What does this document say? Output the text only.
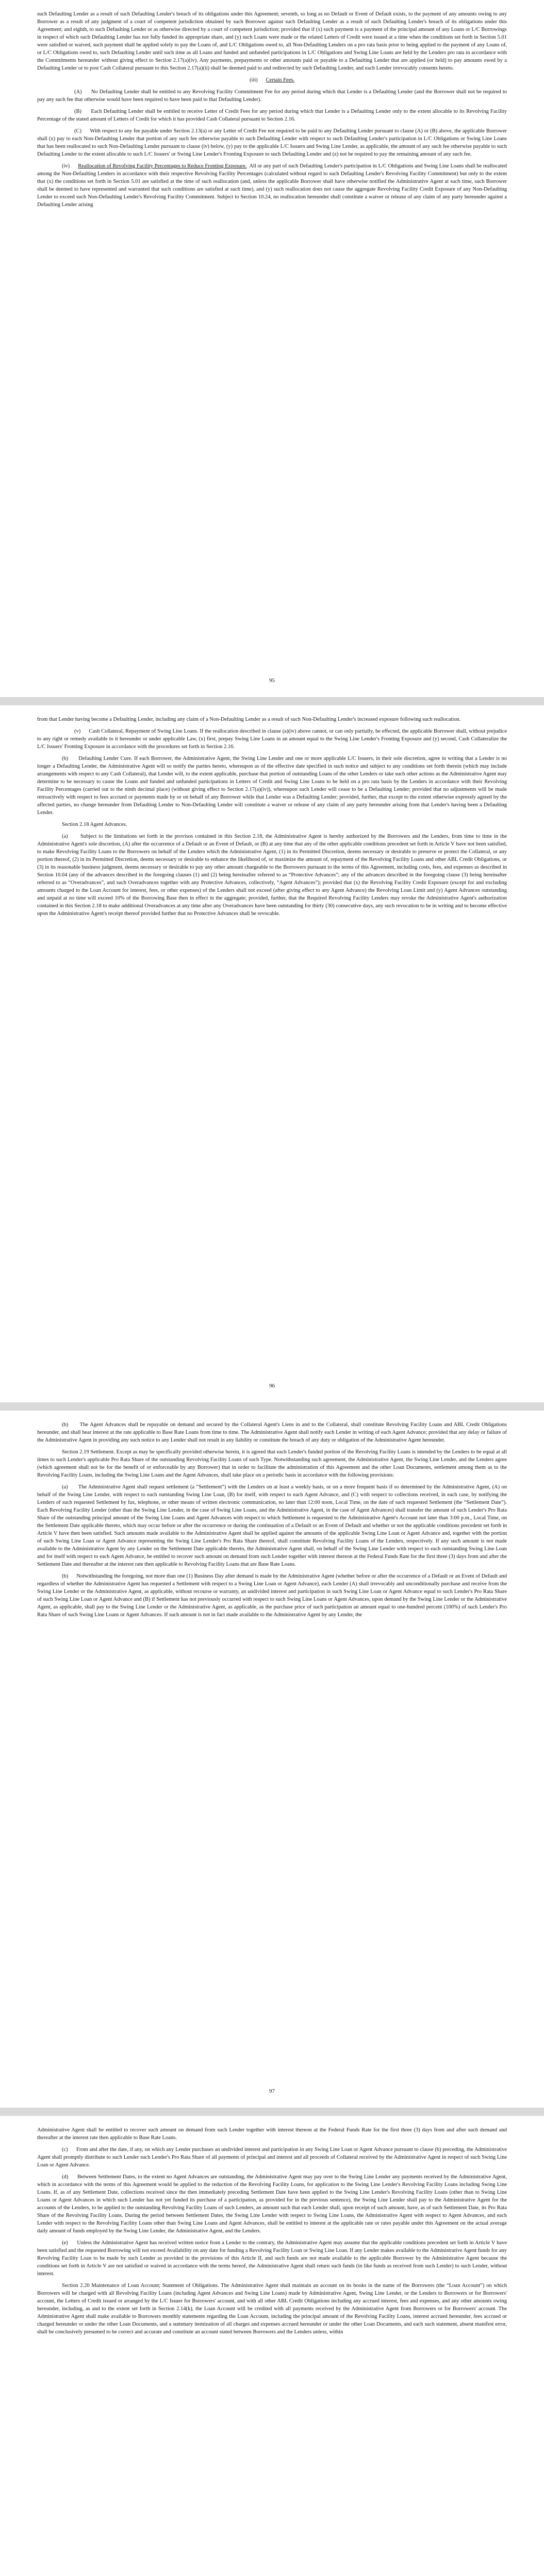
such Defaulting Lender as a result of such Defaulting Lender's breach of its obligations under this Agreement; seventh, so long as no Default or Event of Default exists, to the payment of any amounts owing to any Borrower as a result of any judgment of a court of competent jurisdiction obtained by such Borrower against such Defaulting Lender as a result of such Defaulting Lender's breach of its obligations under this Agreement; and eighth, to such Defaulting Lender or as otherwise directed by a court of competent jurisdiction; provided that if (x) such payment is a payment of the principal amount of any Loans or L/C Borrowings in respect of which such Defaulting Lender has not fully funded its appropriate share, and (y) such Loans were made or the related Letters of Credit were issued at a time when the conditions set forth in Section 5.01 were satisfied or waived, such payment shall be applied solely to pay the Loans of, and L/C Obligations owed to, all Non-Defaulting Lenders on a pro rata basis prior to being applied to the payment of any Loans of, or L/C Obligations owed to, such Defaulting Lender until such time as all Loans and funded and unfunded participations in L/C Obligations and Swing Line Loans are held by the Lenders pro rata in accordance with the Commitments hereunder without giving effect to Section 2.17(a)(iv). Any payments, prepayments or other amounts paid or payable to a Defaulting Lender that are applied (or held) to pay amounts owed by a Defaulting Lender or to post Cash Collateral pursuant to this Section 2.17(a)(ii) shall be deemed paid to and redirected by such Defaulting Lender, and each Lender irrevocably consents hereto.

(iii) Certain Fees.

(A)      No Defaulting Lender shall be entitled to any Revolving Facility Commitment Fee for any period during which that Lender is a Defaulting Lender (and the Borrower shall not be required to pay any such fee that otherwise would have been required to have been paid to that Defaulting Lender).

(B)      Each Defaulting Lender shall be entitled to receive Letter of Credit Fees for any period during which that Lender is a Defaulting Lender only to the extent allocable to its Revolving Facility Percentage of the stated amount of Letters of Credit for which it has provided Cash Collateral pursuant to Section 2.16.

(C)      With respect to any fee payable under Section 2.13(a) or any Letter of Credit Fee not required to be paid to any Defaulting Lender pursuant to clause (A) or (B) above, the applicable Borrower shall (x) pay to each Non-Defaulting Lender that portion of any such fee otherwise payable to such Defaulting Lender with respect to such Defaulting Lender's participation in L/C Obligations or Swing Line Loans that has been reallocated to such Non-Defaulting Lender pursuant to clause (iv) below, (y) pay to the applicable L/C Issuers and Swing Line Lender, as applicable, the amount of any such fee otherwise payable to such Defaulting Lender to the extent allocable to such L/C Issuers' or Swing Line Lender's Fronting Exposure to such Defaulting Lender and (z) not be required to pay the remaining amount of any such fee.

(iv) Reallocation of Revolving Facility Percentages to Reduce Fronting Exposure. All or any part of such Defaulting Lender's participation in L/C Obligations and Swing Line Loans shall be reallocated among the Non-Defaulting Lenders in accordance with their respective Revolving Facility Percentages (calculated without regard to such Defaulting Lender's Revolving Facility Commitment) but only to the extent that (x) the conditions set forth in Section 5.01 are satisfied at the time of such reallocation (and, unless the applicable Borrower shall have otherwise notified the Administrative Agent at such time, such Borrower shall be deemed to have represented and warranted that such conditions are satisfied at such time), and (y) such reallocation does not cause the aggregate Revolving Facility Credit Exposure of any Non-Defaulting Lender to exceed such Non-Defaulting Lender's Revolving Facility Commitment. Subject to Section 10.24, no reallocation hereunder shall constitute a waiver or release of any claim of any party hereunder against a Defaulting Lender arising

95

from that Lender having become a Defaulting Lender, including any claim of a Non-Defaulting Lender as a result of such Non-Defaulting Lender's increased exposure following such reallocation.

(v)      Cash Collateral, Repayment of Swing Line Loans. If the reallocation described in clause (a)(iv) above cannot, or can only partially, be effected, the applicable Borrower shall, without prejudice to any right or remedy available to it hereunder or under applicable Law, (x) first, prepay Swing Line Loans in an amount equal to the Swing Line Lender's Fronting Exposure and (y) second, Cash Collateralize the L/C Issuers' Fronting Exposure in accordance with the procedures set forth in Section 2.16.

(b)      Defaulting Lender Cure. If each Borrower, the Administrative Agent, the Swing Line Lender and one or more applicable L/C Issuers, in their sole discretion, agree in writing that a Lender is no longer a Defaulting Lender, the Administrative Agent will so notify the parties hereto, whereupon as of the effective date specified in such notice and subject to any conditions set forth therein (which may include arrangements with respect to any Cash Collateral), that Lender will, to the extent applicable, purchase that portion of outstanding Loans of the other Lenders or take such other actions as the Administrative Agent may determine to be necessary to cause the Loans and funded and unfunded participations in Letters of Credit and Swing Line Loans to be held on a pro rata basis by the Lenders in accordance with their Revolving Facility Percentages (carried out to the ninth decimal place) (without giving effect to Section 2.17(a)(iv)), whereupon such Lender will cease to be a Defaulting Lender; provided that no adjustments will be made retroactively with respect to fees accrued or payments made by or on behalf of any Borrower while that Lender was a Defaulting Lender; provided, further, that except to the extent otherwise expressly agreed by the affected parties, no change hereunder from Defaulting Lender to Non-Defaulting Lender will constitute a waiver or release of any claim of any party hereunder arising from that Lender's having been a Defaulting Lender.

Section 2.18 Agent Advances.

(a)      Subject to the limitations set forth in the provisos contained in this Section 2.18, the Administrative Agent is hereby authorized by the Borrowers and the Lenders, from time to time in the Administrative Agent's sole discretion, (A) after the occurrence of a Default or an Event of Default, or (B) at any time that any of the other applicable conditions precedent set forth in Article V have not been satisfied, to make Revolving Facility Loans to the Borrowers on behalf of the Lenders which the Administrative Agent, (1) in its Permitted Discretion, deems necessary or desirable to preserve or protect the Collateral, or any portion thereof, (2) in its Permitted Discretion, deems necessary or desirable to enhance the likelihood of, or maximize the amount of, repayment of the Revolving Facility Loans and other ABL Credit Obligations, or (3) in its reasonable business judgment, deems necessary or desirable to pay any other amount chargeable to the Borrowers pursuant to the terms of this Agreement, including costs, fees, and expenses as described in Section 10.04 (any of the advances described in the foregoing clauses (1) and (2) being hereinafter referred to as “Protective Advances”; any of the advances described in the foregoing clause (3) being hereinafter referred to as “Overadvances”, and such Overadvances together with any Protective Advances, collectively, “Agent Advances”); provided that (x) the Revolving Facility Credit Exposure (except for and excluding amounts charged to the Loan Account for interest, fees, or other expenses) of the Lenders shall not exceed (after giving effect to any Agent Advance) the Revolving Loan Limit and (y) Agent Advances outstanding and unpaid at no time will exceed 10% of the Borrowing Base then in effect in the aggregate; provided, further, that the Required Revolving Facility Lenders may revoke the Administrative Agent's authorization contained in this Section 2.18 to make additional Overadvances at any time after any Overadvances have been outstanding for thirty (30) consecutive days, any such revocation to be in writing and to become effective upon the Administrative Agent's receipt thereof provided further that no Protective Advances shall be revocable.

96

(b)      The Agent Advances shall be repayable on demand and secured by the Collateral Agent's Liens in and to the Collateral, shall constitute Revolving Facility Loans and ABL Credit Obligations hereunder, and shall bear interest at the rate applicable to Base Rate Loans from time to time. The Administrative Agent shall notify each Lender in writing of each Agent Advance; provided that any delay or failure of the Administrative Agent in providing any such notice to any Lender shall not result in any liability or constitute the breach of any duty or obligation of the Administrative Agent hereunder.

Section 2.19 Settlement. Except as may be specifically provided otherwise herein, it is agreed that each Lender's funded portion of the Revolving Facility Loans is intended by the Lenders to be equal at all times to such Lender's applicable Pro Rata Share of the outstanding Revolving Facility Loans of such Type. Notwithstanding such agreement, the Administrative Agent, the Swing Line Lender, and the Lenders agree (which agreement shall not be for the benefit of or enforceable by any Borrower) that in order to facilitate the administration of this Agreement and the other Loan Documents, settlement among them as to the Revolving Facility Loans, including the Swing Line Loans and the Agent Advances, shall take place on a periodic basis in accordance with the following provisions:

(a)      The Administrative Agent shall request settlement (a “Settlement”) with the Lenders on at least a weekly basis, or on a more frequent basis if so determined by the Administrative Agent, (A) on behalf of the Swing Line Lender, with respect to each outstanding Swing Line Loan, (B) for itself, with respect to each Agent Advance, and (C) with respect to collections received, in each case, by notifying the Lenders of such requested Settlement by fax, telephone, or other means of written electronic communication, no later than 12:00 noon, Local Time, on the date of such requested Settlement (the “Settlement Date”). Each Revolving Facility Lender (other than the Swing Line Lender, in the case of Swing Line Loans, and the Administrative Agent, in the case of Agent Advances) shall transfer the amount of such Lender's Pro Rata Share of the outstanding principal amount of the Swing Line Loans and Agent Advances with respect to which Settlement is requested to the Administrative Agent's Account not later than 3:00 p.m., Local Time, on the Settlement Date applicable thereto, which may occur before or after the occurrence or during the continuation of a Default or an Event of Default and whether or not the applicable conditions precedent set forth in Article V have then been satisfied. Such amounts made available to the Administrative Agent shall be applied against the amounts of the applicable Swing Line Loan or Agent Advance and, together with the portion of such Swing Line Loan or Agent Advance representing the Swing Line Lender's Pro Rata Share thereof, shall constitute Revolving Facility Loans of the Lenders, respectively. If any such amount is not made available to the Administrative Agent by any Lender on the Settlement Date applicable thereto, the Administrative Agent shall, on behalf of the Swing Line Lender with respect to each outstanding Swing Line Loan and for itself with respect to each Agent Advance, be entitled to recover such amount on demand from such Lender together with interest thereon at the Federal Funds Rate for the first three (3) days from and after the Settlement Date and thereafter at the interest rate then applicable to Revolving Facility Loans that are Base Rate Loans.

(b)      Notwithstanding the foregoing, not more than one (1) Business Day after demand is made by the Administrative Agent (whether before or after the occurrence of a Default or an Event of Default and regardless of whether the Administrative Agent has requested a Settlement with respect to a Swing Line Loan or Agent Advance), each Lender (A) shall irrevocably and unconditionally purchase and receive from the Swing Line Lender or the Administrative Agent, as applicable, without recourse or warranty, an undivided interest and participation in such Swing Line Loan or Agent Advance equal to such Lender's Pro Rata Share of such Swing Line Loan or Agent Advance and (B) if Settlement has not previously occurred with respect to such Swing Line Loans or Agent Advances, upon demand by the Swing Line Lender or the Administrative Agent, as applicable, shall pay to the Swing Line Lender or the Administrative Agent, as applicable, as the purchase price of such participation an amount equal to one-hundred percent (100%) of such Lender's Pro Rata Share of such Swing Line Loans or Agent Advances. If such amount is not in fact made available to the Administrative Agent by any Lender, the

97

Administrative Agent shall be entitled to recover such amount on demand from such Lender together with interest thereon at the Federal Funds Rate for the first three (3) days from and after such demand and thereafter at the interest rate then applicable to Base Rate Loans.

(c)      From and after the date, if any, on which any Lender purchases an undivided interest and participation in any Swing Line Loan or Agent Advance pursuant to clause (b) preceding, the Administrative Agent shall promptly distribute to such Lender such Lender's Pro Rata Share of all payments of principal and interest and all proceeds of Collateral received by the Administrative Agent in respect of such Swing Line Loan or Agent Advance.

(d)      Between Settlement Dates, to the extent no Agent Advances are outstanding, the Administrative Agent may pay over to the Swing Line Lender any payments received by the Administrative Agent, which in accordance with the terms of this Agreement would be applied to the reduction of the Revolving Facility Loans, for application to the Swing Line Lender's Revolving Facility Loans including Swing Line Loans. If, as of any Settlement Date, collections received since the then immediately preceding Settlement Date have been applied to the Swing Line Lender's Revolving Facility Loans (other than to Swing Line Loans or Agent Advances in which such Lender has not yet funded its purchase of a participation, as provided for in the previous sentence), the Swing Line Lender shall pay to the Administrative Agent for the accounts of the Lenders, to be applied to the outstanding Revolving Facility Loans of such Lenders, an amount such that each Lender shall, upon receipt of such amount, have, as of such Settlement Date, its Pro Rata Share of the Revolving Facility Loans. During the period between Settlement Dates, the Swing Line Lender with respect to Swing Line Loans, the Administrative Agent with respect to Agent Advances, and each Lender with respect to the Revolving Facility Loans other than Swing Line Loans and Agent Advances, shall be entitled to interest at the applicable rate or rates payable under this Agreement on the actual average daily amount of funds employed by the Swing Line Lender, the Administrative Agent, and the Lenders.

(e)      Unless the Administrative Agent has received written notice from a Lender to the contrary, the Administrative Agent may assume that the applicable conditions precedent set forth in Article V have been satisfied and the requested Borrowing will not exceed Availability on any date for funding a Revolving Facility Loan or Swing Line Loan. If any Lender makes available to the Administrative Agent funds for any Revolving Facility Loan to be made by such Lender as provided in the provisions of this Article II, and such funds are not made available to the applicable Borrower by the Administrative Agent because the conditions set forth in Article V are not satisfied or waived in accordance with the terms hereof, the Administrative Agent shall return such funds (in like funds as received from such Lender) to such Lender, without interest.

Section 2.20 Maintenance of Loan Account; Statement of Obligations. The Administrative Agent shall maintain an account on its books in the name of the Borrowers (the “Loan Account”) on which Borrowers will be charged with all Revolving Facility Loans (including Agent Advances and Swing Line Loans) made by Administrative Agent, Swing Line Lender, or the Lenders to Borrowers or for Borrowers' account, the Letters of Credit issued or arranged by the L/C Issuer for Borrowers' account, and with all other ABL Credit Obligations including any accrued interest, fees and expenses, and any other amounts owing hereunder, including, as and to the extent set forth in Section 2.14(k), the Loan Account will be credited with all payments received by the Administrative Agent from Borrowers or for Borrowers' account. The Administrative Agent shall make available to Borrowers monthly statements regarding the Loan Account, including the principal amount of the Revolving Facility Loans, interest accrued hereunder, fees accrued or charged hereunder or under the other Loan Documents, and a summary itemization of all charges and expenses accrued hereunder or under the other Loan Documents, and each such statement, absent manifest error, shall be conclusively presumed to be correct and accurate and constitute an account stated between Borrowers and the Lenders unless, within
